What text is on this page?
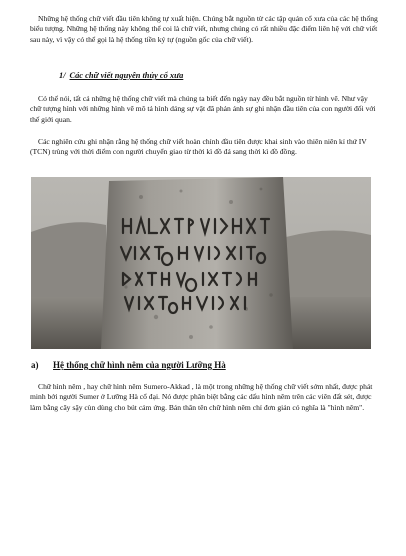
Những hệ thống chữ viết đầu tiên không tự xuất hiện. Chúng bắt nguồn từ các tập quán cổ xưa của các hệ thống biểu tượng. Những hệ thống này không thể coi là chữ viết, nhưng chúng có rất nhiều đặc điểm liên hệ với chữ viết sau này, vì vậy có thể gọi là hệ thống tiền ký tự (nguồn gốc của chữ viết).

1/ Các chữ viết nguyên thủy cổ xưa

Có thể nói, tất cả những hệ thống chữ viết mà chúng ta biết đến ngày nay đều bắt nguồn từ hình vẽ. Như vậy chữ tượng hình với những hình vẽ mô tả hình dáng sự vật đã phản ánh sự ghi nhận đầu tiên của con người đối với thế giới quan.

Các nghiên cứu ghi nhận rằng hệ thống chữ viết hoàn chỉnh đầu tiên được khai sinh vào thiên niên kỉ thứ IV (TCN) trùng với thời điểm con người chuyển giao từ thời kì đồ đá sang thời kì đồ đồng.

a) Hệ thống chữ hình nêm của người Lưỡng Hà

Chữ hình nêm , hay chữ hình nêm Sumero-Akkad , là một trong những hệ thống chữ viết sớm nhất, được phát minh bởi người Sumer ở Lưỡng Hà cổ đại. Nó được phân biệt bằng các dấu hình nêm trên các viên đất sét, được làm bằng cây sậy cùn dùng cho bút cảm ứng. Bản thân tên chữ hình nêm chỉ đơn giản có nghĩa là "hình nêm".
